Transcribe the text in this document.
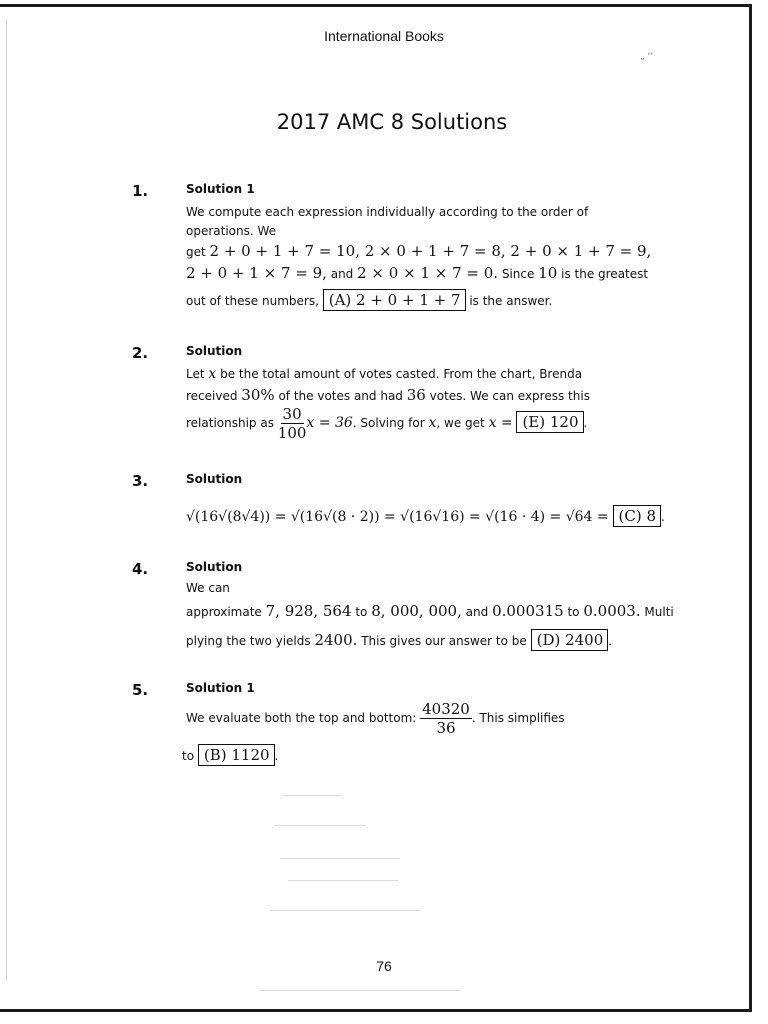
International Books
„ ‘’
2017 AMC 8 Solutions
1.	Solution 1
We compute each expression individually according to the order of
operations. We
get 2 + 0 + 1 + 7 = 10, 2 × 0 + 1 + 7 = 8, 2 + 0 × 1 + 7 = 9,
2 + 0 + 1 × 7 = 9, and 2 × 0 × 1 × 7 = 0. Since 10 is the greatest
out of these numbers, (A) 2 + 0 + 1 + 7 is the answer.
2.	Solution
Let x be the total amount of votes casted. From the chart, Brenda
received 30% of the votes and had 36 votes. We can express this
relationship as $\frac{30}{100}$ x = 36. Solving for x, we get x = (E) 120 .
3.	Solution
√(16√(8√4)) = √(16√(8 · 2)) = √(16√16) = √(16 · 4) = √64 = (C) 8 .
4.	Solution
We can
approximate 7, 928, 564 to 8, 000, 000, and 0.000315 to 0.0003. Multi
plying the two yields 2400. This gives our answer to be (D) 2400 .
5.	Solution 1
We evaluate both the top and bottom: $\frac{40320}{36}$ . This simplifies
to (B) 1120 .
76
